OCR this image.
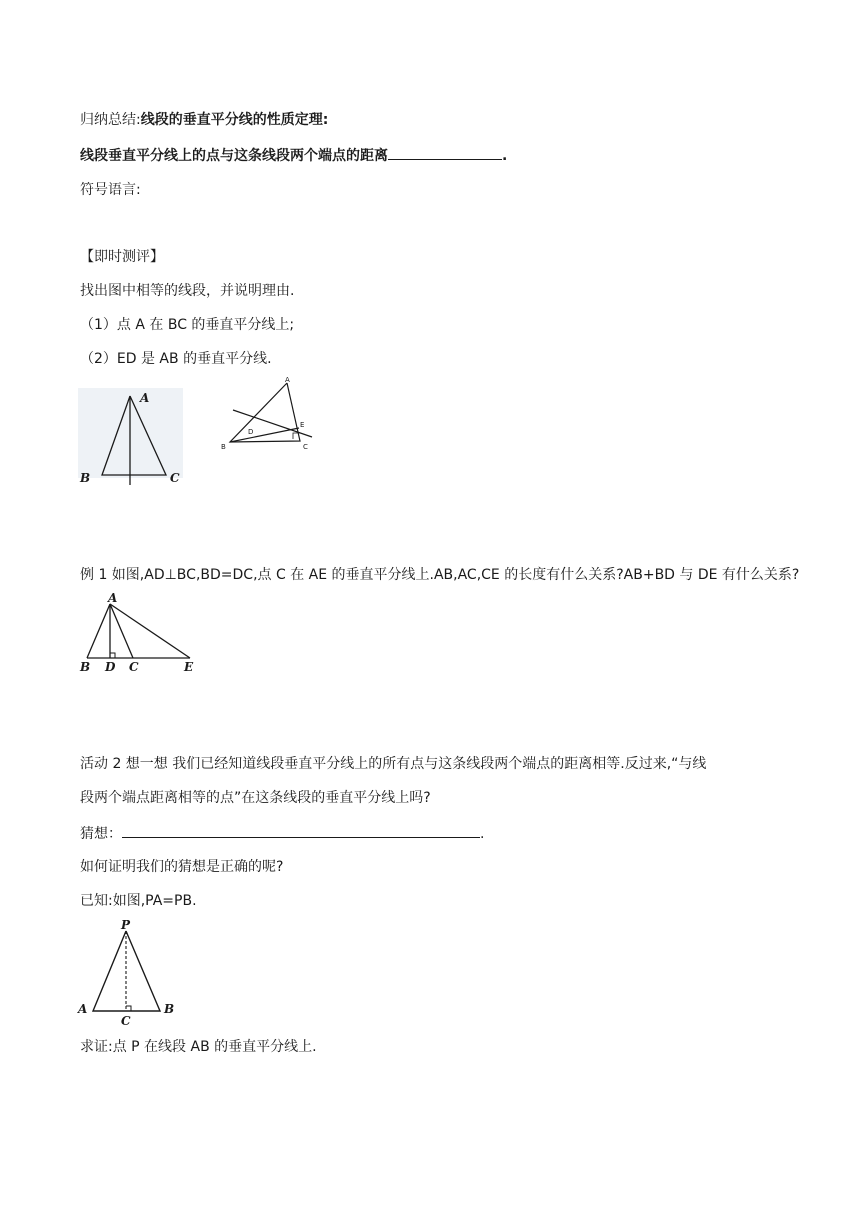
归纳总结:线段的垂直平分线的性质定理:
线段垂直平分线上的点与这条线段两个端点的距离	.
符号语言:
【即时测评】
找出图中相等的线段，并说明理由.
（1）点 A 在 BC 的垂直平分线上;
（2）ED 是 AB 的垂直平分线.
A
B	C
A
B	C
D
E
例 1 如图,AD⊥BC,BD=DC,点 C 在 AE 的垂直平分线上.AB,AC,CE 的长度有什么关系?AB+BD 与 DE 有什么关系?
A
B D C	E
活动 2 想一想 我们已经知道线段垂直平分线上的所有点与这条线段两个端点的距离相等.反过来,“与线
段两个端点距离相等的点”在这条线段的垂直平分线上吗?
猜想：	.
如何证明我们的猜想是正确的呢?
已知:如图,PA=PB.
P
A	B
C
求证:点 P 在线段 AB 的垂直平分线上.
